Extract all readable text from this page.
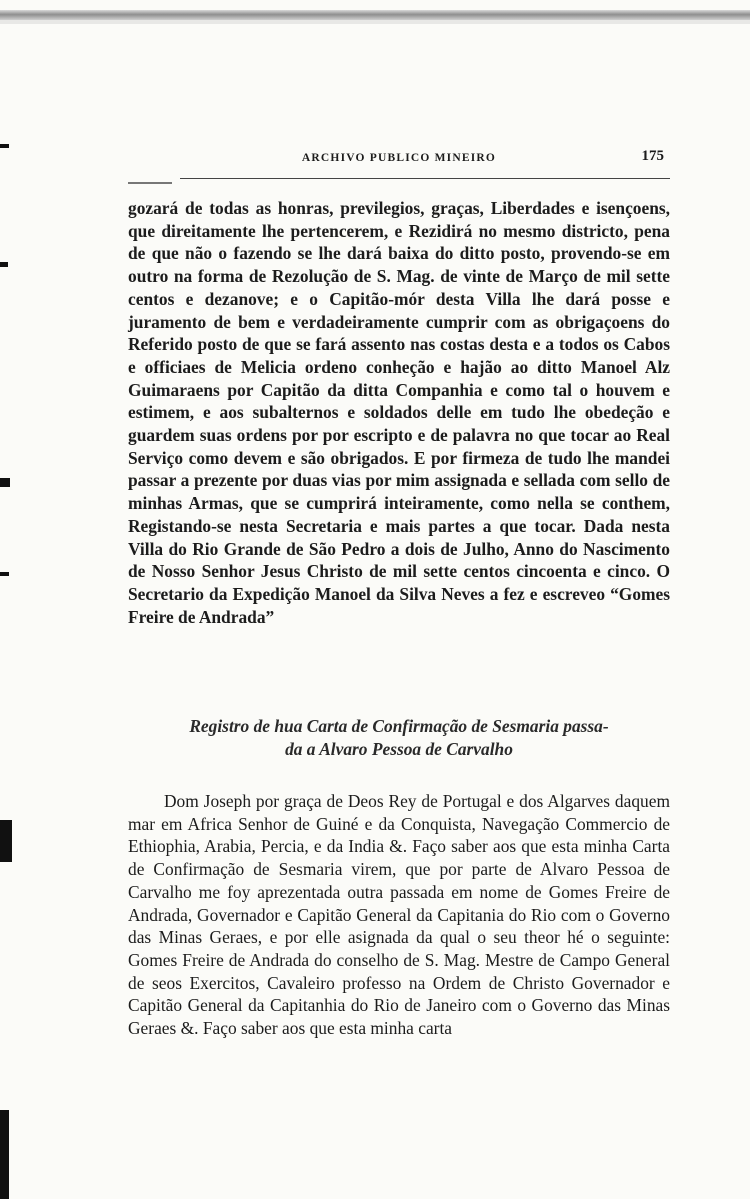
ARCHIVO PUBLICO MINEIRO	175

gozará de todas as honras, previlegios, graças, Liberdades e isençoens, que direitamente lhe pertencerem, e Rezidirá no mesmo districto, pena de que não o fazendo se lhe dará baixa do ditto posto, provendo-se em outro na forma de Rezolução de S. Mag. de vinte de Março de mil sette centos e dezanove; e o Capitão-mór desta Villa lhe dará posse e juramento de bem e verdadeiramente cumprir com as obrigaçoens do Referido posto de que se fará assento nas costas desta e a todos os Cabos e officiaes de Melicia ordeno conheção e hajão ao ditto Manoel Alz Guimaraens por Capitão da ditta Companhia e como tal o houvem e estimem, e aos subalternos e soldados delle em tudo lhe obedeção e guardem suas ordens por por escripto e de palavra no que tocar ao Real Serviço como devem e são obrigados. E por firmeza de tudo lhe mandei passar a prezente por duas vias por mim assignada e sellada com sello de minhas Armas, que se cumprirá inteiramente, como nella se conthem, Registando-se nesta Secretaria e mais partes a que tocar. Dada nesta Villa do Rio Grande de São Pedro a dois de Julho, Anno do Nascimento de Nosso Senhor Jesus Christo de mil sette centos cincoenta e cinco. O Secretario da Expedição Manoel da Silva Neves a fez e escreveo “Gomes Freire de Andrada”

Registro de hua Carta de Confirmação de Sesmaria passa-
da a Alvaro Pessoa de Carvalho

Dom Joseph por graça de Deos Rey de Portugal e dos Algarves daquem mar em Africa Senhor de Guiné e da Conquista, Navegação Commercio de Ethiophia, Arabia, Percia, e da India &. Faço saber aos que esta minha Carta de Confirmação de Sesmaria virem, que por parte de Alvaro Pessoa de Carvalho me foy aprezentada outra passada em nome de Gomes Freire de Andrada, Governador e Capitão General da Capitania do Rio com o Governo das Minas Geraes, e por elle asignada da qual o seu theor hé o seguinte: Gomes Freire de Andrada do conselho de S. Mag. Mestre de Campo General de seos Exercitos, Cavaleiro professo na Ordem de Christo Governador e Capitão General da Capitanhia do Rio de Janeiro com o Governo das Minas Geraes &. Faço saber aos que esta minha carta
